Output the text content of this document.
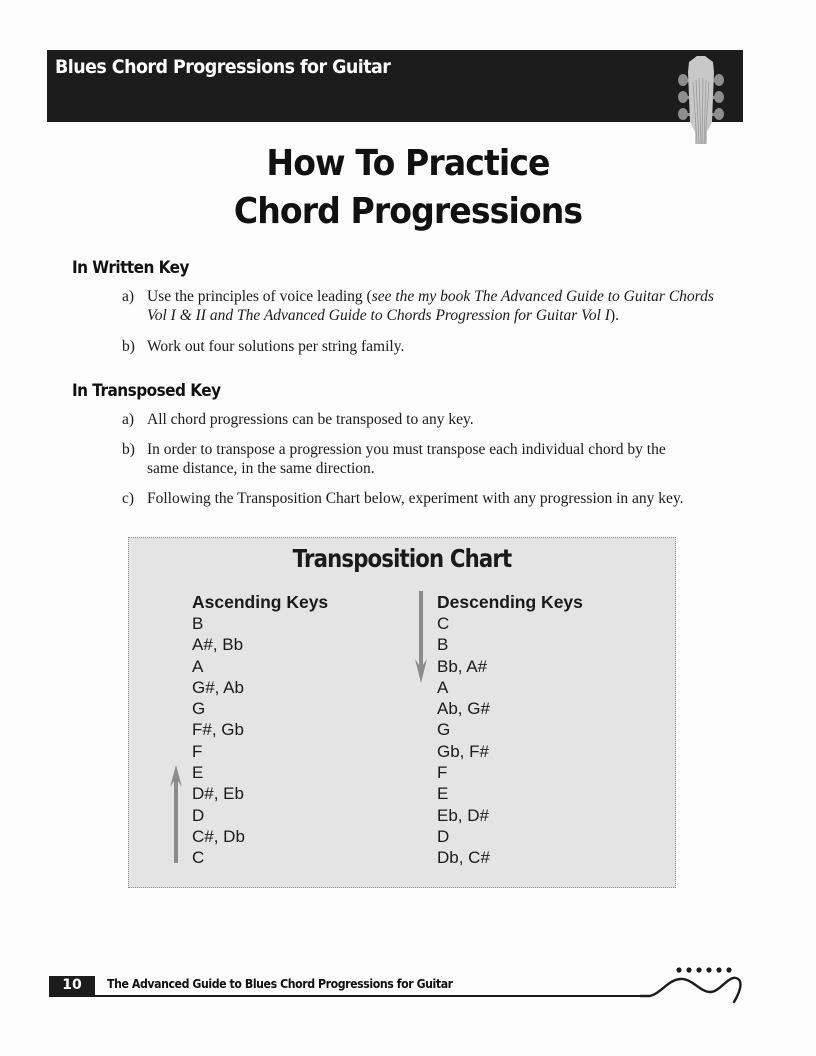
Blues Chord Progressions for Guitar
How To Practice
Chord Progressions
In Written Key
a) Use the principles of voice leading (see the my book The Advanced Guide to Guitar Chords Vol I & II and The Advanced Guide to Chords Progression for Guitar Vol I).
b) Work out four solutions per string family.
In Transposed Key
a) All chord progressions can be transposed to any key.
b) In order to transpose a progression you must transpose each individual chord by the same distance, in the same direction.
c) Following the Transposition Chart below, experiment with any progression in any key.
Transposition Chart
Ascending Keys
B
A#, Bb
A
G#, Ab
G
F#, Gb
F
E
D#, Eb
D
C#, Db
C
Descending Keys
C
B
Bb, A#
A
Ab, G#
G
Gb, F#
F
E
Eb, D#
D
Db, C#
10	The Advanced Guide to Blues Chord Progressions for Guitar
